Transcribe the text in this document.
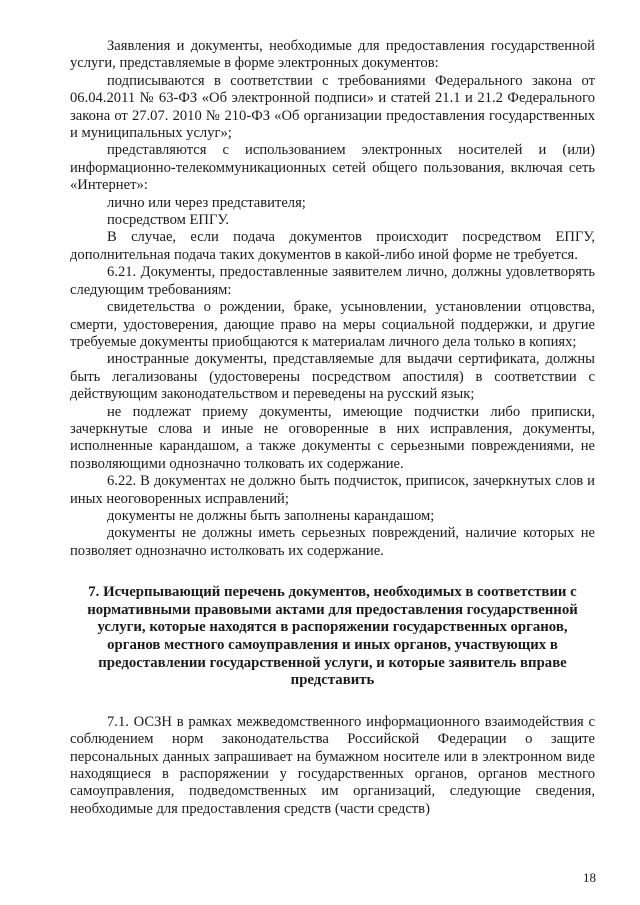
Заявления и документы, необходимые для предоставления государственной услуги, представляемые в форме электронных документов:

подписываются в соответствии с требованиями Федерального закона от 06.04.2011 № 63-ФЗ «Об электронной подписи» и статей 21.1 и 21.2 Федерального закона от 27.07. 2010 № 210-ФЗ «Об организации предоставления государственных и муниципальных услуг»;

представляются с использованием электронных носителей и (или) информационно-телекоммуникационных сетей общего пользования, включая сеть «Интернет»:

лично или через представителя;

посредством ЕПГУ.

В случае, если подача документов происходит посредством ЕПГУ, дополнительная подача таких документов в какой-либо иной форме не требуется.

6.21. Документы, предоставленные заявителем лично, должны удовлетворять следующим требованиям:

свидетельства о рождении, браке, усыновлении, установлении отцовства, смерти, удостоверения, дающие право на меры социальной поддержки, и другие требуемые документы приобщаются к материалам личного дела только в копиях;

иностранные документы, представляемые для выдачи сертификата, должны быть легализованы (удостоверены посредством апостиля) в соответствии с действующим законодательством и переведены на русский язык;

не подлежат приему документы, имеющие подчистки либо приписки, зачеркнутые слова и иные не оговоренные в них исправления, документы, исполненные карандашом, а также документы с серьезными повреждениями, не позволяющими однозначно толковать их содержание.

6.22. В документах не должно быть подчисток, приписок, зачеркнутых слов и иных неоговоренных исправлений;

документы не должны быть заполнены карандашом;

документы не должны иметь серьезных повреждений, наличие которых не позволяет однозначно истолковать их содержание.

7. Исчерпывающий перечень документов, необходимых в соответствии с нормативными правовыми актами для предоставления государственной услуги, которые находятся в распоряжении государственных органов, органов местного самоуправления и иных органов, участвующих в предоставлении государственной услуги, и которые заявитель вправе представить

7.1. ОСЗН в рамках межведомственного информационного взаимодействия с соблюдением норм законодательства Российской Федерации о защите персональных данных запрашивает на бумажном носителе или в электронном виде находящиеся в распоряжении у государственных органов, органов местного самоуправления, подведомственных им организаций, следующие сведения, необходимые для предоставления средств (части средств)

18
